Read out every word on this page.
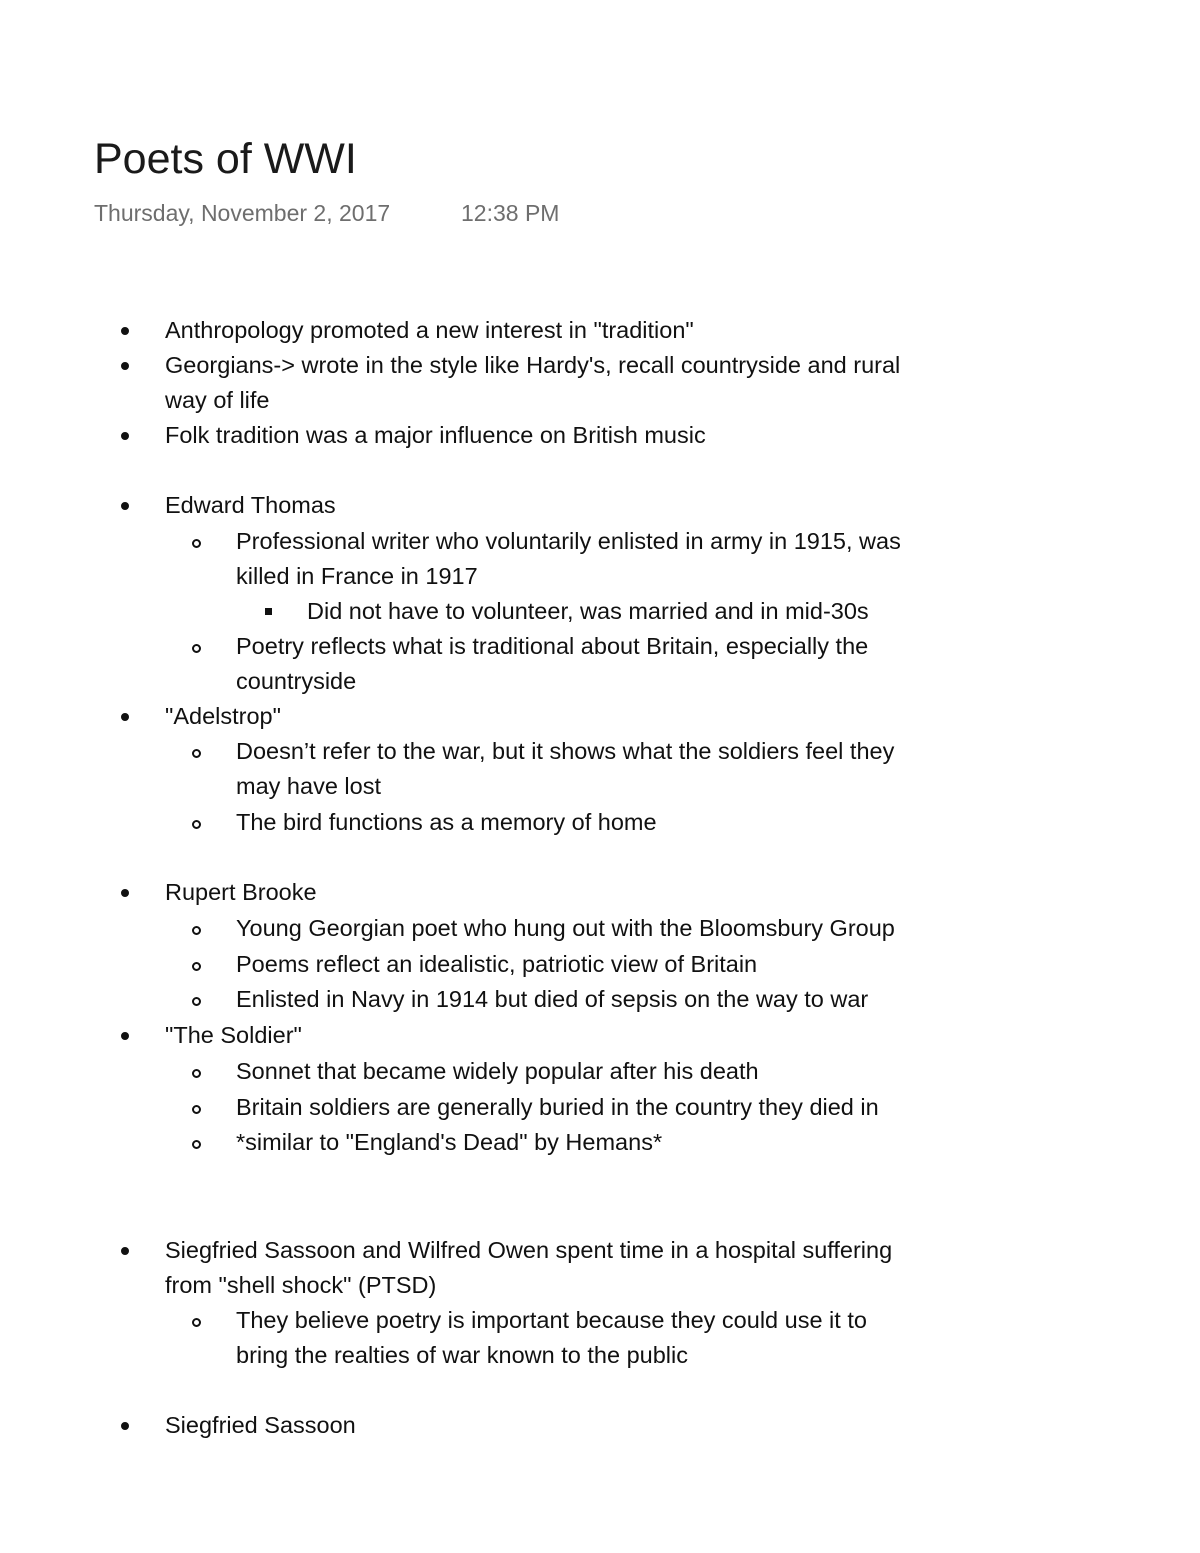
Poets of WWI
Thursday, November 2, 2017	12:38 PM
Anthropology promoted a new interest in "tradition"
Georgians-> wrote in the style like Hardy's, recall countryside and rural
way of life
Folk tradition was a major influence on British music
Edward Thomas
Professional writer who voluntarily enlisted in army in 1915, was
killed in France in 1917
Did not have to volunteer, was married and in mid-30s
Poetry reflects what is traditional about Britain, especially the
countryside
"Adelstrop"
Doesn’t refer to the war, but it shows what the soldiers feel they
may have lost
The bird functions as a memory of home
Rupert Brooke
Young Georgian poet who hung out with the Bloomsbury Group
Poems reflect an idealistic, patriotic view of Britain
Enlisted in Navy in 1914 but died of sepsis on the way to war
"The Soldier"
Sonnet that became widely popular after his death
Britain soldiers are generally buried in the country they died in
*similar to "England's Dead" by Hemans*
Siegfried Sassoon and Wilfred Owen spent time in a hospital suffering
from "shell shock" (PTSD)
They believe poetry is important because they could use it to
bring the realties of war known to the public
Siegfried Sassoon
